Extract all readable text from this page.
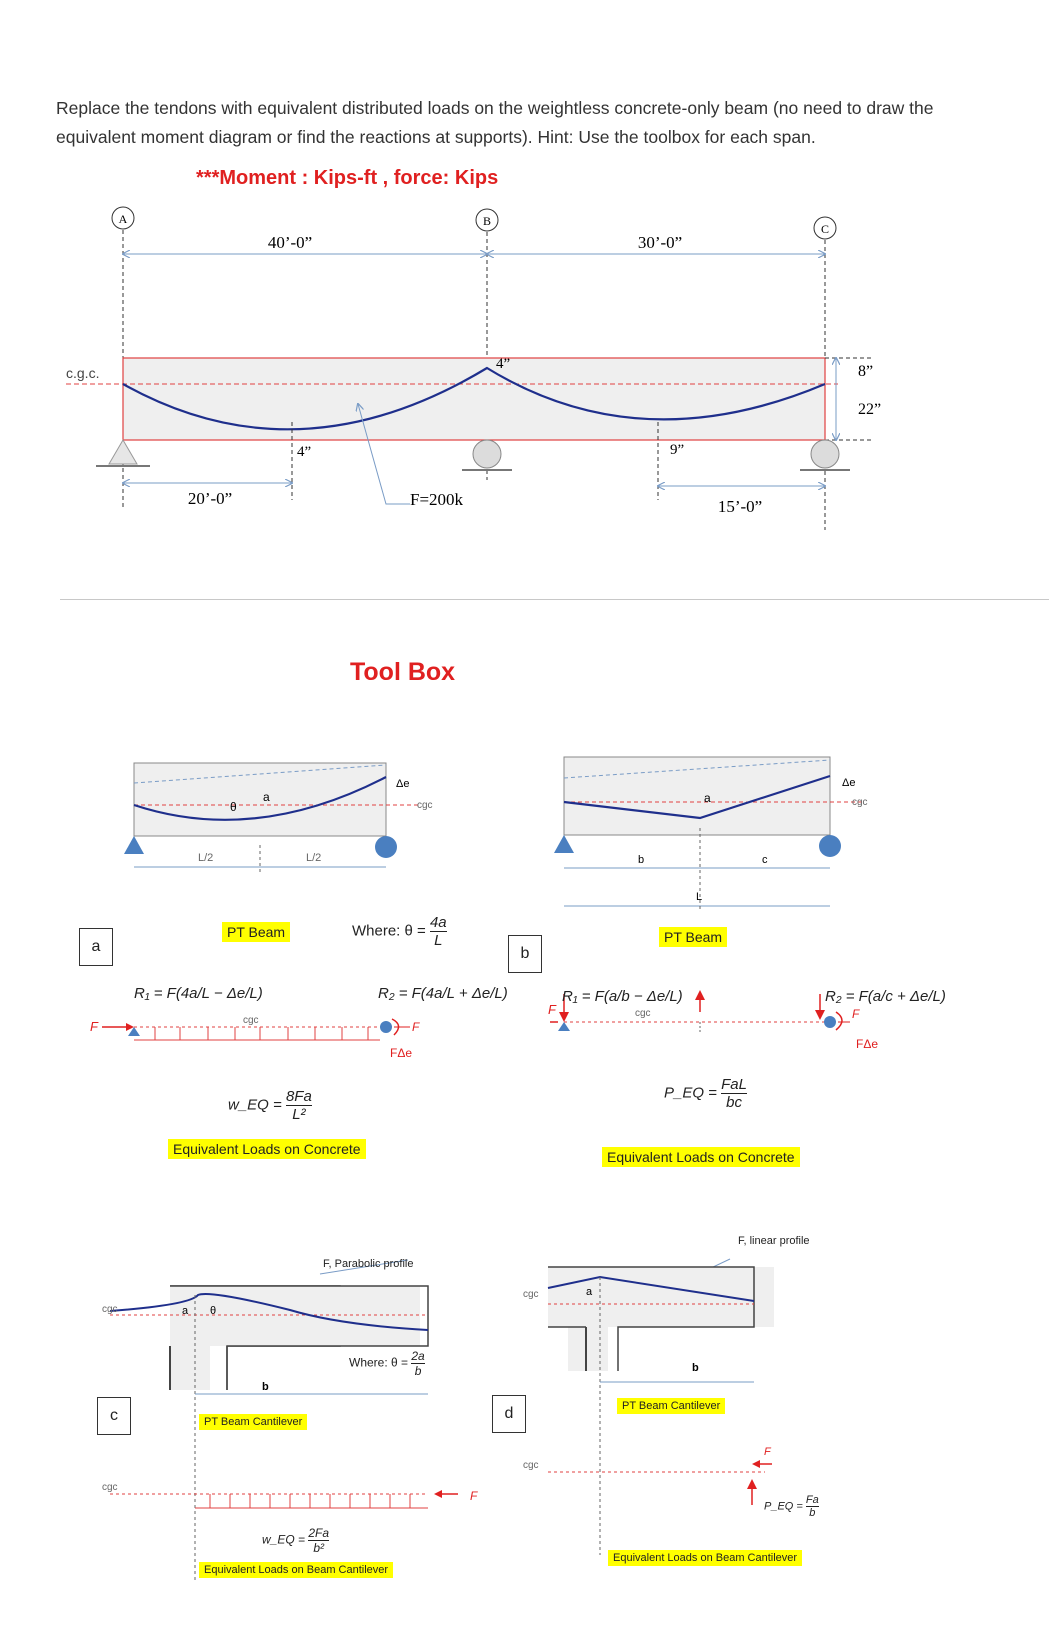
Replace the tendons with equivalent distributed loads on the weightless concrete-only beam (no need to draw the equivalent moment diagram or find the reactions at supports). Hint: Use the toolbox for each span.
***Moment : Kips-ft , force: Kips
A	B
C
40’-0”	30’-0”
c.g.c.
4”
4”
9”
8”
22”
20’-0”	15’-0”
F=200k
Tool Box
a
θ
a
Δe
cgc
L/2	L/2
F	F
FΔe
cgc
PT Beam	Where: $\theta = \frac{4a}{L}$
R₁ = F(4a/L − Δe/L)	R₂ = F(4a/L + Δe/L)
w_EQ = $\frac{8Fa}{\text{L²}}$
Equivalent Loads on Concrete
b
a
Δe
cgc
b	c
L
F	cgc	F
FΔe
PT Beam
R₁ = F(a/b − Δe/L)	R₂ = F(a/c + Δe/L)
P_EQ = FaL
bc
Equivalent Loads on Concrete
c
cgc	a θ
b
cgc
F
F, Parabolic profile
Where: $\theta = \frac{2a}{b}$
PT Beam Cantilever
w_EQ = $\frac{2Fa}{\text{b²}}$
Equivalent Loads on Beam Cantilever
d
cgc	a
b
cgc
F
F, linear profile
PT Beam Cantilever
P_EQ = $\frac{Fa}{b}$
Equivalent Loads on Beam Cantilever
